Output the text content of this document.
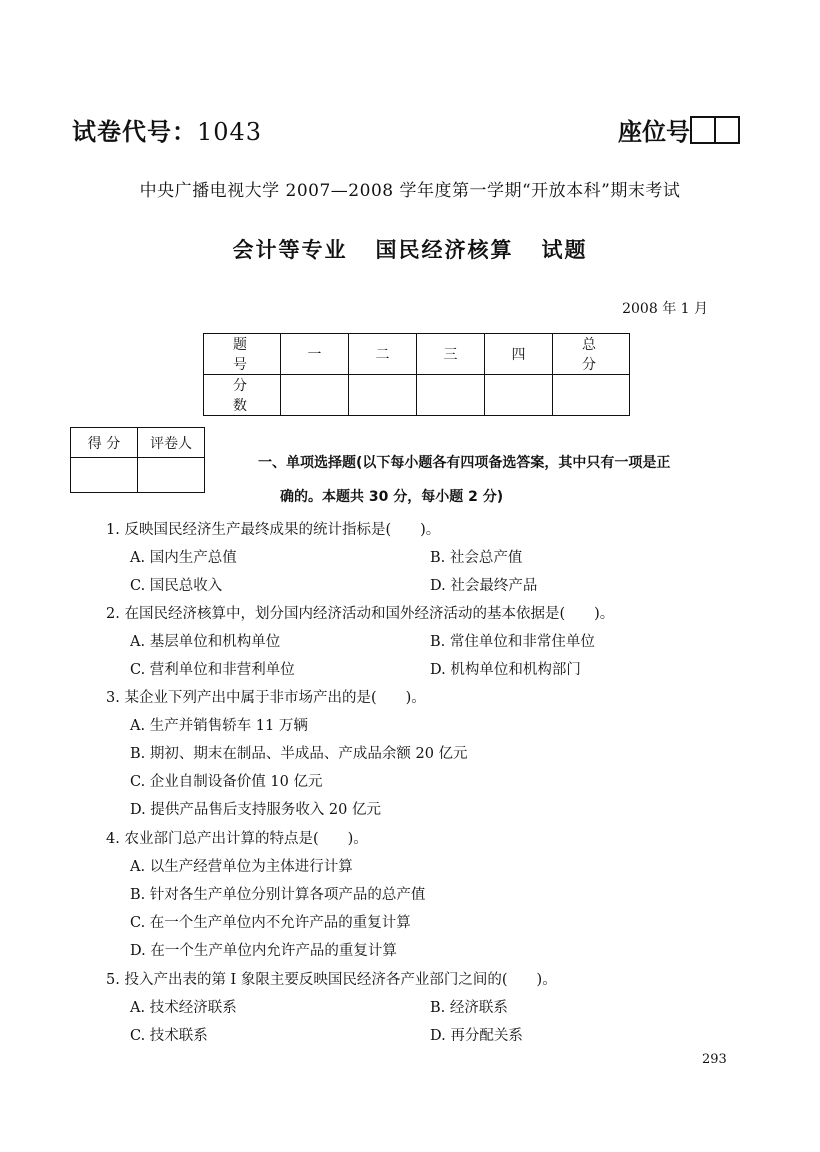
试卷代号：1043	座位号
中央广播电视大学 2007—2008 学年度第一学期“开放本科”期末考试
会计等专业 国民经济核算 试题
2008 年 1 月
题 号	一	二	三	四	总 分
分 数					
得 分	评卷人

一、单项选择题(以下每小题各有四项备选答案，其中只有一项是正
确的。本题共 30 分，每小题 2 分)
1. 反映国民经济生产最终成果的统计指标是(　　)。
A. 国内生产总值	B. 社会总产值
C. 国民总收入	D. 社会最终产品
2. 在国民经济核算中，划分国内经济活动和国外经济活动的基本依据是(　　)。
A. 基层单位和机构单位	B. 常住单位和非常住单位
C. 营利单位和非营利单位	D. 机构单位和机构部门
3. 某企业下列产出中属于非市场产出的是(　　)。
A. 生产并销售轿车 11 万辆
B. 期初、期末在制品、半成品、产成品余额 20 亿元
C. 企业自制设备价值 10 亿元
D. 提供产品售后支持服务收入 20 亿元
4. 农业部门总产出计算的特点是(　　)。
A. 以生产经营单位为主体进行计算
B. 针对各生产单位分别计算各项产品的总产值
C. 在一个生产单位内不允许产品的重复计算
D. 在一个生产单位内允许产品的重复计算
5. 投入产出表的第 Ⅰ 象限主要反映国民经济各产业部门之间的(　　)。
A. 技术经济联系	B. 经济联系
C. 技术联系	D. 再分配关系
293
